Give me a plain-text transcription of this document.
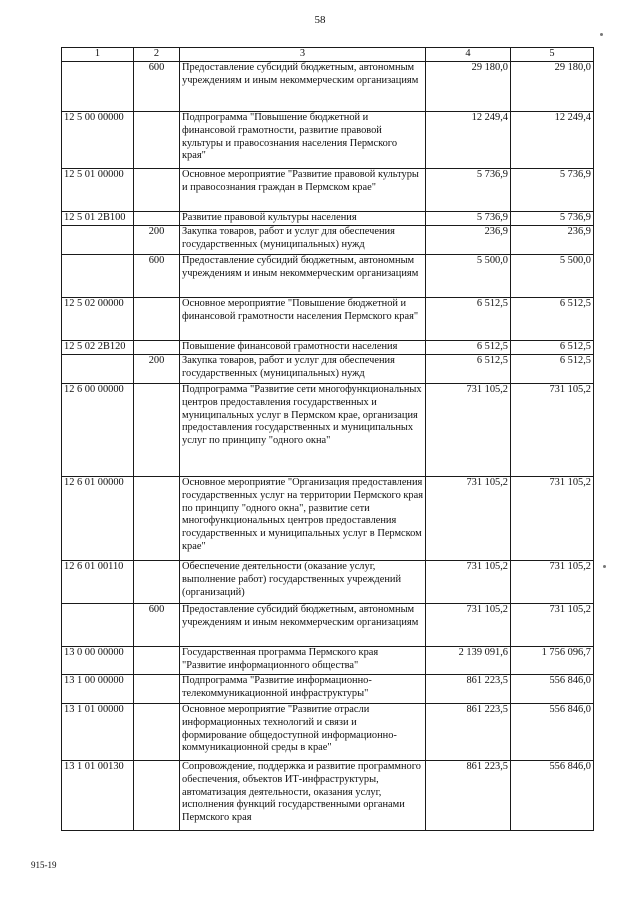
58
1	2	3	4	5
	600	Предоставление субсидий бюджетным, автономным учреждениям и иным некоммерческим организациям	29 180,0	29 180,0
12 5 00 00000		Подпрограмма "Повышение бюджетной и финансовой грамотности, развитие правовой культуры и правосознания населения Пермского края"	12 249,4	12 249,4
12 5 01 00000		Основное мероприятие "Развитие правовой культуры и правосознания граждан в Пермском крае"	5 736,9	5 736,9
12 5 01 2В100		Развитие правовой культуры населения	5 736,9	5 736,9
	200	Закупка товаров, работ и услуг для обеспечения государственных (муниципальных) нужд	236,9	236,9
	600	Предоставление субсидий бюджетным, автономным учреждениям и иным некоммерческим организациям	5 500,0	5 500,0
12 5 02 00000		Основное мероприятие "Повышение бюджетной и финансовой грамотности населения Пермского края"	6 512,5	6 512,5
12 5 02 2В120		Повышение финансовой грамотности населения	6 512,5	6 512,5
	200	Закупка товаров, работ и услуг для обеспечения государственных (муниципальных) нужд	6 512,5	6 512,5
12 6 00 00000		Подпрограмма "Развитие сети многофункциональных центров предоставления государственных и муниципальных услуг в Пермском крае, организация предоставления государственных и муниципальных услуг по принципу "одного окна"	731 105,2	731 105,2
12 6 01 00000		Основное мероприятие "Организация предоставления государственных услуг на территории Пермского края по принципу "одного окна", развитие сети многофункциональных центров предоставления государственных и муниципальных услуг в Пермском крае"	731 105,2	731 105,2
12 6 01 00110		Обеспечение деятельности (оказание услуг, выполнение работ) государственных учреждений (организаций)	731 105,2	731 105,2
	600	Предоставление субсидий бюджетным, автономным учреждениям и иным некоммерческим организациям	731 105,2	731 105,2
13 0 00 00000		Государственная программа Пермского края "Развитие информационного общества"	2 139 091,6	1 756 096,7
13 1 00 00000		Подпрограмма "Развитие информационно-телекоммуникационной инфраструктуры"	861 223,5	556 846,0
13 1 01 00000		Основное мероприятие "Развитие отрасли информационных технологий и связи и формирование общедоступной информационно-коммуникационной среды в крае"	861 223,5	556 846,0
13 1 01 00130		Сопровождение, поддержка и развитие программного обеспечения, объектов ИТ-инфраструктуры, автоматизация деятельности, оказания услуг, исполнения функций государственными органами Пермского края	861 223,5	556 846,0
915-19
